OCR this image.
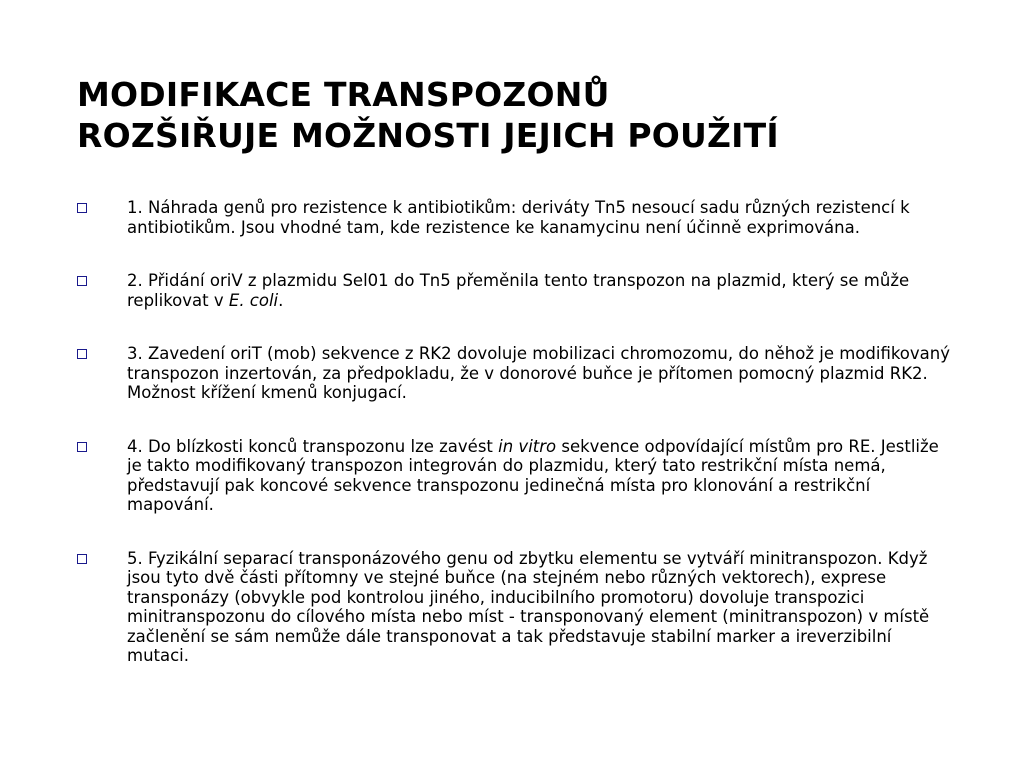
MODIFIKACE TRANSPOZONŮ
ROZŠIŘUJE MOŽNOSTI JEJICH POUŽITÍ
1. Náhrada genů pro rezistence k antibiotikům: deriváty Tn5 nesoucí sadu různých rezistencí k antibiotikům. Jsou vhodné tam, kde rezistence ke kanamycinu není účinně exprimována.
2. Přidání oriV z plazmidu Sel01 do Tn5 přeměnila tento transpozon na plazmid, který se může replikovat v E. coli.
3. Zavedení oriT (mob) sekvence z RK2 dovoluje mobilizaci chromozomu, do něhož je modifikovaný transpozon inzertován, za předpokladu, že v donorové buňce je přítomen pomocný plazmid RK2. Možnost křížení kmenů konjugací.
4. Do blízkosti konců transpozonu lze zavést in vitro sekvence odpovídající místům pro RE. Jestliže je takto modifikovaný transpozon integrován do plazmidu, který tato restrikční místa nemá, představují pak koncové sekvence transpozonu jedinečná místa pro klonování a restrikční mapování.
5. Fyzikální separací transponázového genu od zbytku elementu se vytváří minitranspozon. Když jsou tyto dvě části přítomny ve stejné buňce (na stejném nebo různých vektorech), exprese transponázy (obvykle pod kontrolou jiného, inducibilního promotoru) dovoluje transpozici minitranspozonu do cílového místa nebo míst - transponovaný element (minitranspozon) v místě začlenění se sám nemůže dále transponovat a tak představuje stabilní marker a ireverzibilní mutaci.
